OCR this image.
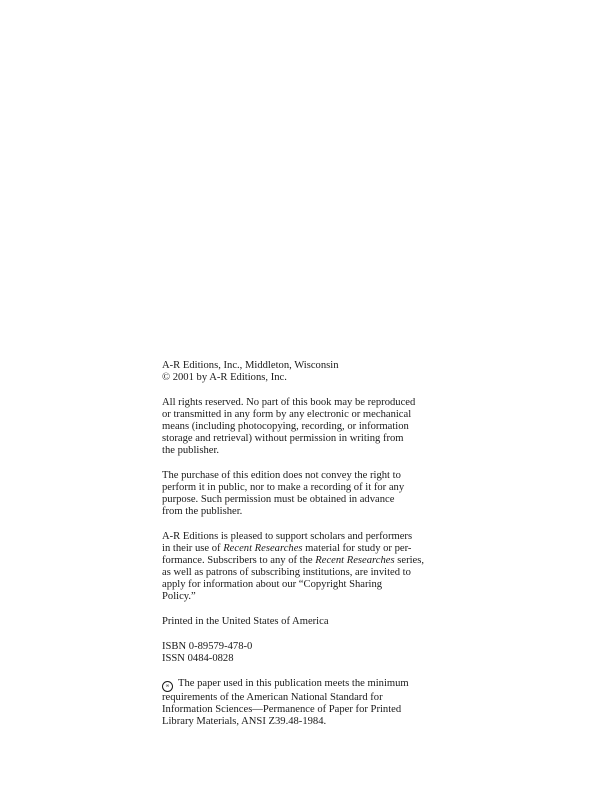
A-R Editions, Inc., Middleton, Wisconsin
© 2001 by A-R Editions, Inc.

All rights reserved. No part of this book may be reproduced
or transmitted in any form by any electronic or mechanical
means (including photocopying, recording, or information
storage and retrieval) without permission in writing from
the publisher.

The purchase of this edition does not convey the right to
perform it in public, nor to make a recording of it for any
purpose. Such permission must be obtained in advance
from the publisher.

A-R Editions is pleased to support scholars and performers
in their use of Recent Researches material for study or per-
formance. Subscribers to any of the Recent Researches series,
as well as patrons of subscribing institutions, are invited to
apply for information about our “Copyright Sharing
Policy.”

Printed in the United States of America

ISBN 0-89579-478-0
ISSN 0484-0828

∞ The paper used in this publication meets the minimum
requirements of the American National Standard for
Information Sciences—Permanence of Paper for Printed
Library Materials, ANSI Z39.48-1984.
